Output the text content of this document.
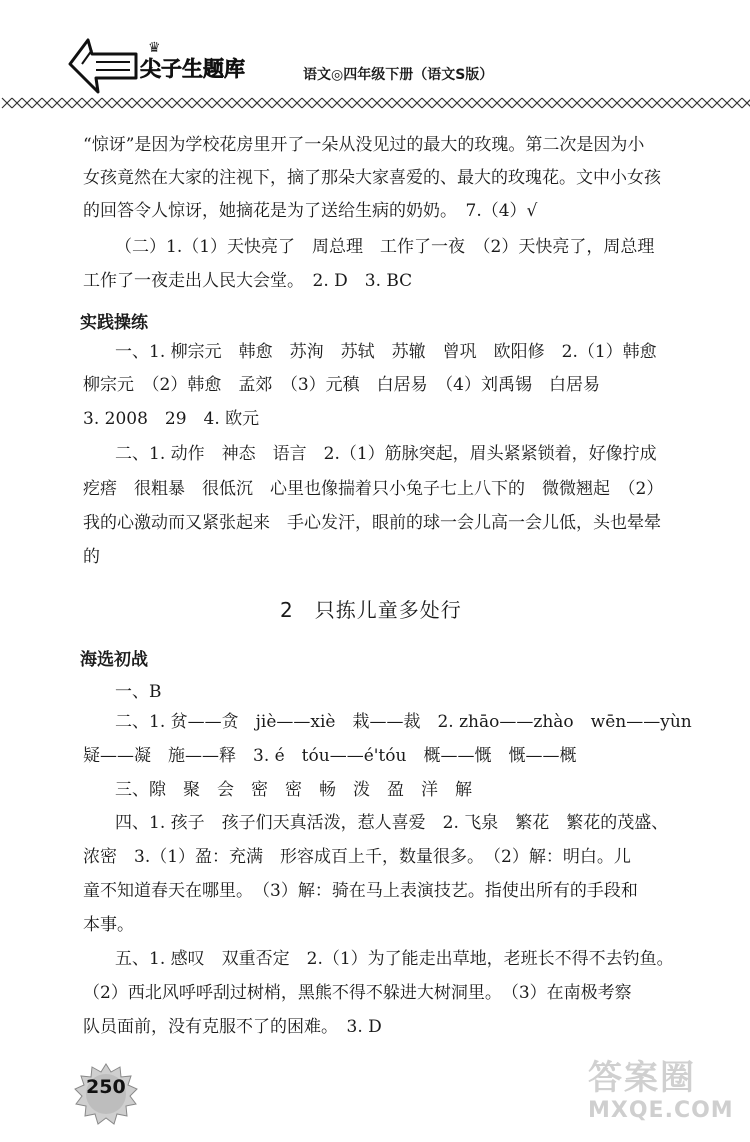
♛
尖子生题库	语文◎四年级下册（语文S版）
“惊讶”是因为学校花房里开了一朵从没见过的最大的玫瑰。第二次是因为小
女孩竟然在大家的注视下，摘了那朵大家喜爱的、最大的玫瑰花。文中小女孩
的回答令人惊讶，她摘花是为了送给生病的奶奶。　7.（4）√
（二）1.（1）天快亮了　周总理　工作了一夜　（2）天快亮了，周总理
工作了一夜走出人民大会堂。　2. D　3. BC
实践操练
一、1. 柳宗元　韩愈　苏洵　苏轼　苏辙　曾巩　欧阳修　2.（1）韩愈
柳宗元　（2）韩愈　孟郊　（3）元稹　白居易　（4）刘禹锡　白居易
3. 2008　29　4. 欧元
二、1. 动作　神态　语言　2.（1）筋脉突起，眉头紧紧锁着，好像拧成
疙瘩　很粗暴　很低沉　心里也像揣着只小兔子七上八下的　微微翘起　（2）
我的心激动而又紧张起来　手心发汗，眼前的球一会儿高一会儿低，头也晕晕
的
2　只拣儿童多处行
海选初战
一、B
二、1. 贫——贪　jiè——xiè　栽——裁　2. zhāo——zhào　wēn——yùn
疑——凝　施——释　3. é　tóu——é'tóu　概——慨　慨——概
三、隙　聚　会　密　密　畅　泼　盈　洋　解
四、1. 孩子　孩子们天真活泼，惹人喜爱　2. 飞泉　繁花　繁花的茂盛、
浓密　3.（1）盈：充满　形容成百上千，数量很多。　（2）解：明白。儿
童不知道春天在哪里。　（3）解：骑在马上表演技艺。指使出所有的手段和
本事。
五、1. 感叹　双重否定　2.（1）为了能走出草地，老班长不得不去钓鱼。
（2）西北风呼呼刮过树梢，黑熊不得不躲进大树洞里。　（3）在南极考察
队员面前，没有克服不了的困难。　3. D
250	答案圈
MXQE.COM
